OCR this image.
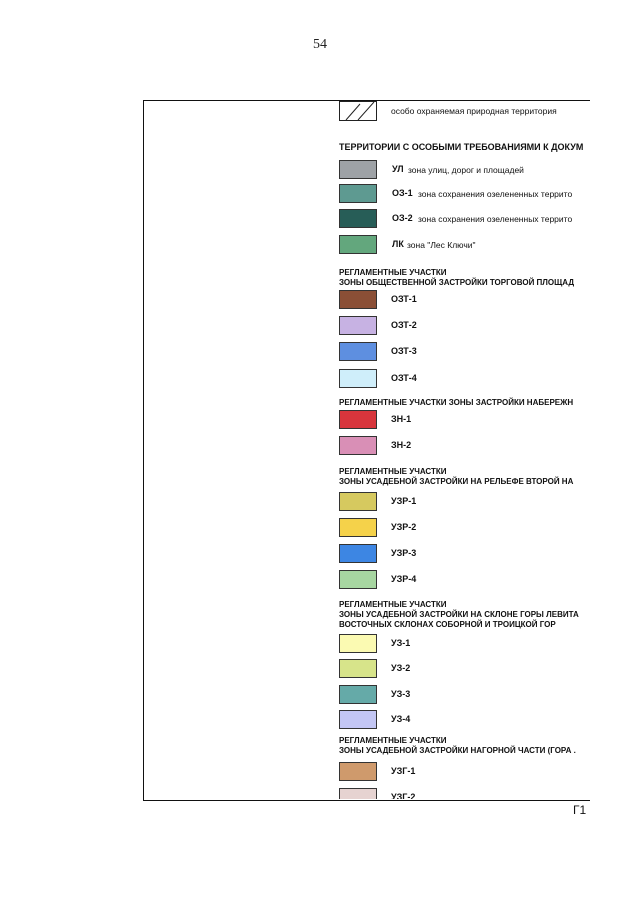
54
особо охраняемая природная территория
ТЕРРИТОРИИ С ОСОБЫМИ ТРЕБОВАНИЯМИ К ДОКУМ
РЕГЛАМЕНТНЫЕ УЧАСТКИ
ЗОНЫ ОБЩЕСТВЕННОЙ ЗАСТРОЙКИ ТОРГОВОЙ ПЛОЩАД
РЕГЛАМЕНТНЫЕ УЧАСТКИ ЗОНЫ ЗАСТРОЙКИ НАБЕРЕЖН
РЕГЛАМЕНТНЫЕ УЧАСТКИ
ЗОНЫ УСАДЕБНОЙ ЗАСТРОЙКИ НА РЕЛЬЕФЕ ВТОРОЙ НА
РЕГЛАМЕНТНЫЕ УЧАСТКИ
ЗОНЫ УСАДЕБНОЙ ЗАСТРОЙКИ НА СКЛОНЕ ГОРЫ ЛЕВИТА
ВОСТОЧНЫХ СКЛОНАХ СОБОРНОЙ И ТРОИЦКОЙ ГОР
РЕГЛАМЕНТНЫЕ УЧАСТКИ
ЗОНЫ УСАДЕБНОЙ ЗАСТРОЙКИ НАГОРНОЙ ЧАСТИ (ГОРА .
УЛ зона улиц, дорог и площадей
ОЗ-1 зона сохранения озелененных террито
ОЗ-2 зона сохранения озелененных террито
ЛК зона "Лес Ключи"
ОЗТ-1
ОЗТ-2
ОЗТ-3
ОЗТ-4
ЗН-1
ЗН-2
УЗР-1
УЗР-2
УЗР-3
УЗР-4
УЗ-1
УЗ-2
УЗ-3
УЗ-4
УЗГ-1
УЗГ-2
Г1
